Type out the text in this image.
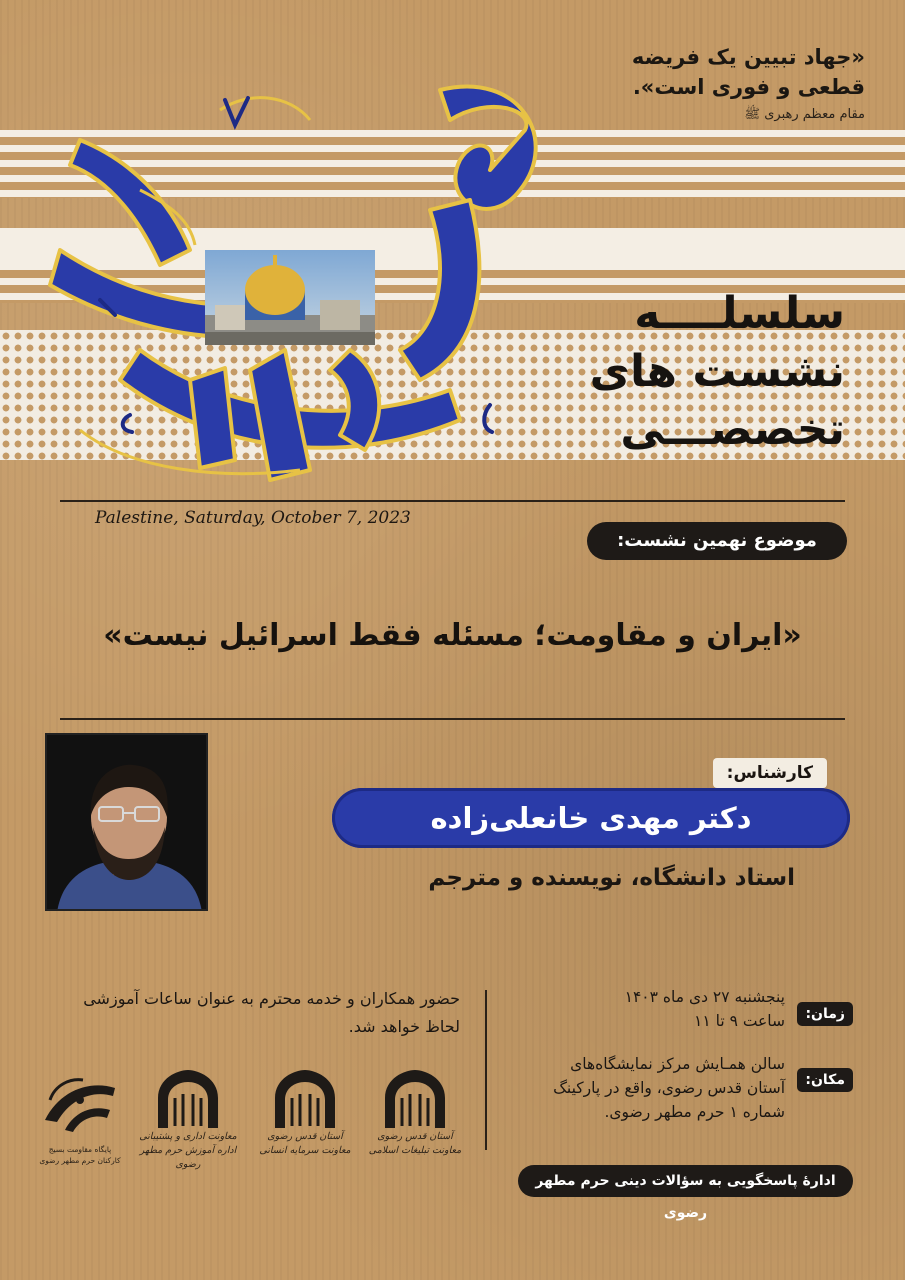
«جهاد تبیین یک فریضه
قطعی و فوری است».
مقام معظم رهبری ﷺ
سلسلــــه
نشست های
تخصصـــی
Palestine, Saturday, October 7, 2023
موضوع نهمین نشست:
«ایران و مقاومت؛ مسئله فقط اسرائیل نیست»
کارشناس:
دکتر مهدی خانعلی‌زاده
استاد دانشگاه، نویسنده و مترجم
حضور همکاران و خدمه محترم به عنوان ساعات آموزشی
لحاظ خواهد شد.
زمان:
پنجشنبه ۲۷ دی ماه ۱۴۰۳
ساعت ۹ تا ۱۱
مکان:
سالن همـایش مرکز نمایشگاه‌های
آستان قدس رضوی، واقع در پارکینگ
شماره ۱ حرم مطهر رضوی.
ادارهٔ پاسخگویی به سؤالات دینی حرم مطهر رضوی
آستان قدس رضوی
معاونت تبلیغات اسلامی
آستان قدس رضوی
معاونت سرمایه انسانی
معاونت اداری و پشتیبانی
اداره آموزش حرم مطهر رضوی
پایگاه مقاومت بسیج
کارکنان حرم مطهر رضوی
